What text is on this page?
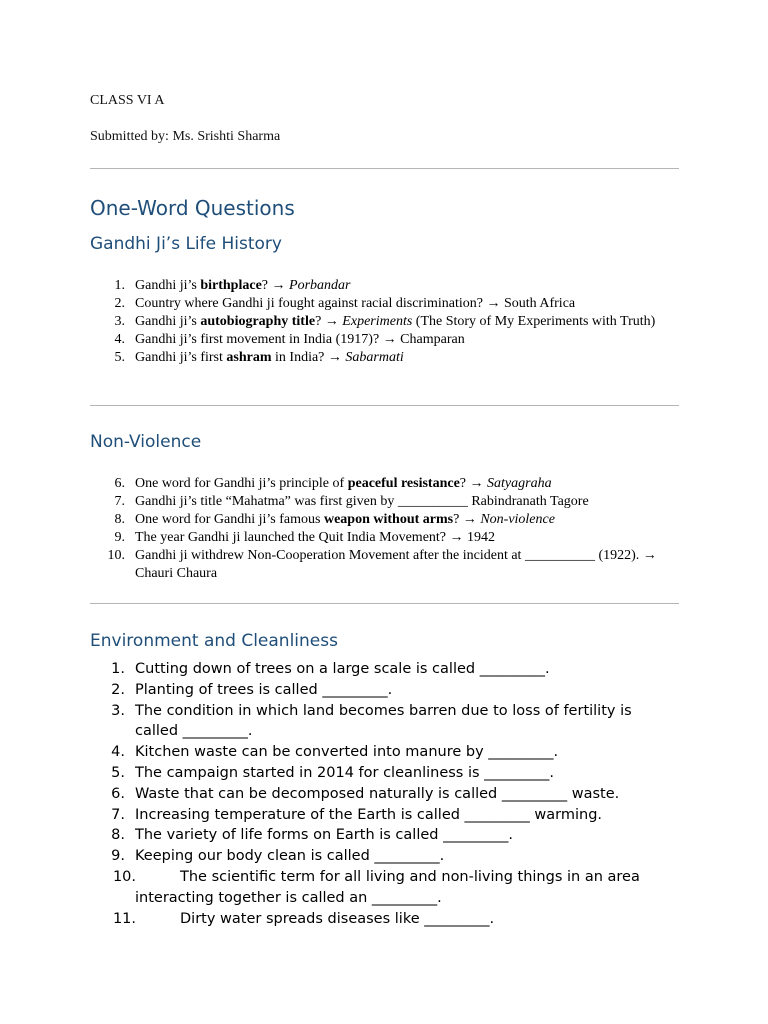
CLASS VI A
Submitted by: Ms. Srishti Sharma
One-Word Questions
Gandhi Ji’s Life History
1. Gandhi ji’s birthplace? → Porbandar
2. Country where Gandhi ji fought against racial discrimination? → South Africa
3. Gandhi ji’s autobiography title? → Experiments (The Story of My Experiments with Truth)
4. Gandhi ji’s first movement in India (1917)? → Champaran
5. Gandhi ji’s first ashram in India? → Sabarmati
Non-Violence
6. One word for Gandhi ji’s principle of peaceful resistance? → Satyagraha
7. Gandhi ji’s title “Mahatma” was first given by __________ Rabindranath Tagore
8. One word for Gandhi ji’s famous weapon without arms? → Non-violence
9. The year Gandhi ji launched the Quit India Movement? → 1942
10. Gandhi ji withdrew Non-Cooperation Movement after the incident at __________ (1922). → Chauri Chaura
Environment and Cleanliness
1. Cutting down of trees on a large scale is called _________.
2. Planting of trees is called _________.
3. The condition in which land becomes barren due to loss of fertility is called _________.
4. Kitchen waste can be converted into manure by _________.
5. The campaign started in 2014 for cleanliness is _________.
6. Waste that can be decomposed naturally is called _________ waste.
7. Increasing temperature of the Earth is called _________ warming.
8. The variety of life forms on Earth is called _________.
9. Keeping our body clean is called _________.
10.	The scientific term for all living and non-living things in an area interacting together is called an _________.
11.	Dirty water spreads diseases like _________.
